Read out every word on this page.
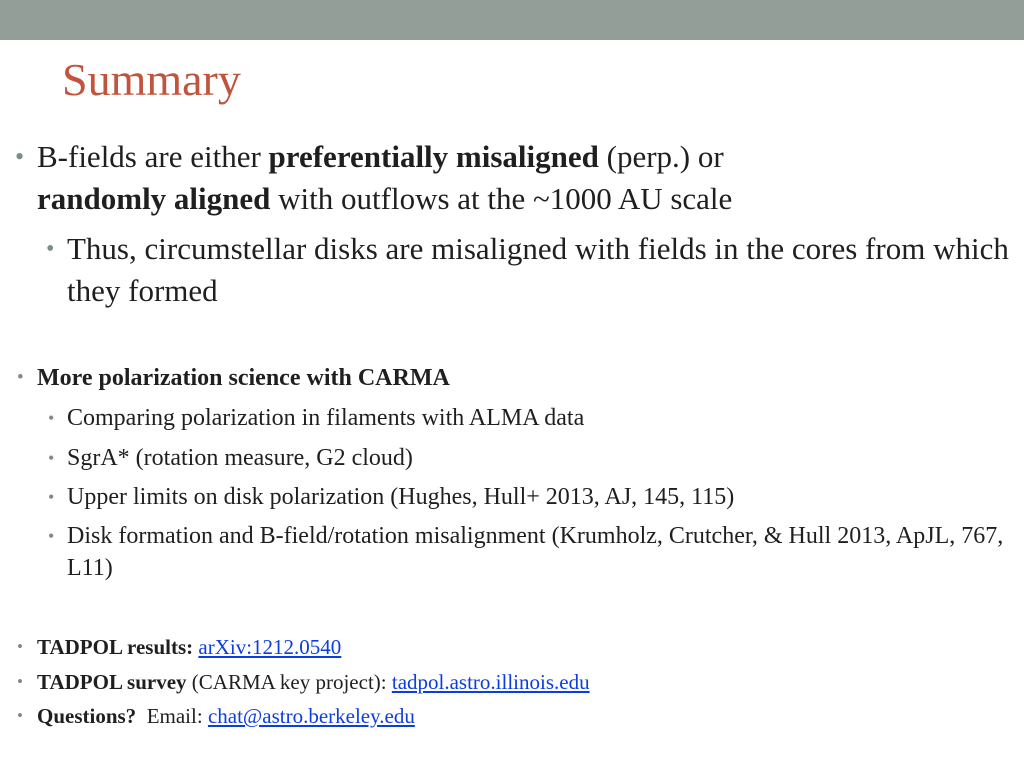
Summary

• B-fields are either preferentially misaligned (perp.) or
randomly aligned with outflows at the ~1000 AU scale

• Thus, circumstellar disks are misaligned with fields in the cores from which they formed

• More polarization science with CARMA

• Comparing polarization in filaments with ALMA data

• SgrA* (rotation measure, G2 cloud)

• Upper limits on disk polarization (Hughes, Hull+ 2013, AJ, 145, 115)

• Disk formation and B-field/rotation misalignment (Krumholz, Crutcher, & Hull 2013, ApJL, 767, L11)

• TADPOL results: arXiv:1212.0540

• TADPOL survey (CARMA key project): tadpol.astro.illinois.edu

• Questions?  Email: chat@astro.berkeley.edu
